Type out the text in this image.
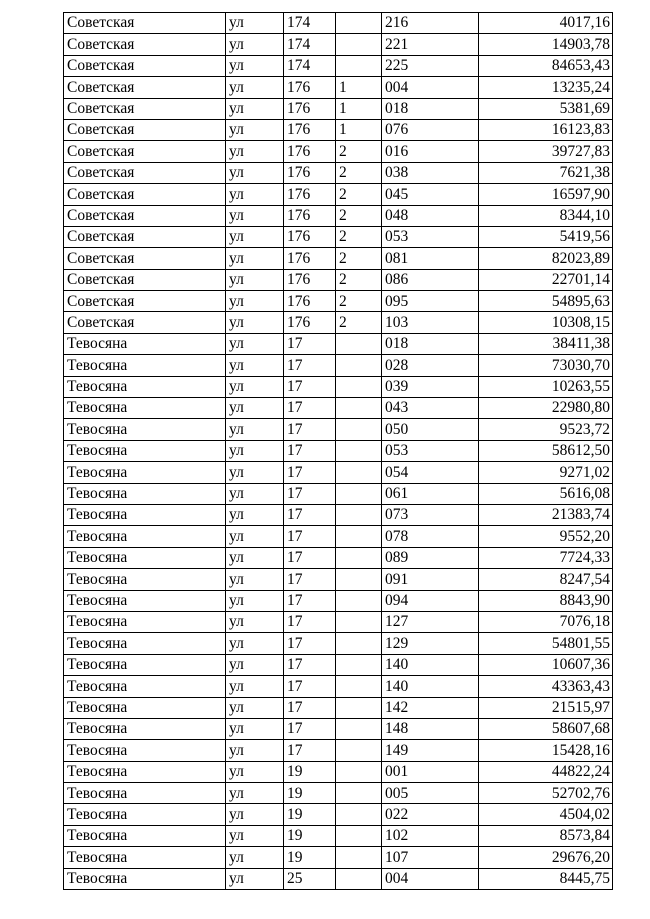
Советская	ул	174		216	4017,16
Советская	ул	174		221	14903,78
Советская	ул	174		225	84653,43
Советская	ул	176	1	004	13235,24
Советская	ул	176	1	018	5381,69
Советская	ул	176	1	076	16123,83
Советская	ул	176	2	016	39727,83
Советская	ул	176	2	038	7621,38
Советская	ул	176	2	045	16597,90
Советская	ул	176	2	048	8344,10
Советская	ул	176	2	053	5419,56
Советская	ул	176	2	081	82023,89
Советская	ул	176	2	086	22701,14
Советская	ул	176	2	095	54895,63
Советская	ул	176	2	103	10308,15
Тевосяна	ул	17		018	38411,38
Тевосяна	ул	17		028	73030,70
Тевосяна	ул	17		039	10263,55
Тевосяна	ул	17		043	22980,80
Тевосяна	ул	17		050	9523,72
Тевосяна	ул	17		053	58612,50
Тевосяна	ул	17		054	9271,02
Тевосяна	ул	17		061	5616,08
Тевосяна	ул	17		073	21383,74
Тевосяна	ул	17		078	9552,20
Тевосяна	ул	17		089	7724,33
Тевосяна	ул	17		091	8247,54
Тевосяна	ул	17		094	8843,90
Тевосяна	ул	17		127	7076,18
Тевосяна	ул	17		129	54801,55
Тевосяна	ул	17		140	10607,36
Тевосяна	ул	17		140	43363,43
Тевосяна	ул	17		142	21515,97
Тевосяна	ул	17		148	58607,68
Тевосяна	ул	17		149	15428,16
Тевосяна	ул	19		001	44822,24
Тевосяна	ул	19		005	52702,76
Тевосяна	ул	19		022	4504,02
Тевосяна	ул	19		102	8573,84
Тевосяна	ул	19		107	29676,20
Тевосяна	ул	25		004	8445,75
